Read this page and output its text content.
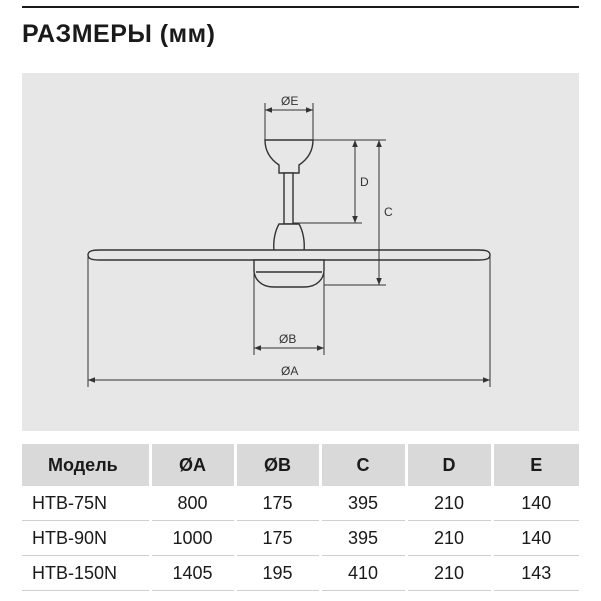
РАЗМЕРЫ (мм)
ØE
D
C
ØB
ØA
Модель	ØA	ØB	C	D	E
НТВ-75N	800	175	395	210	140
НТВ-90N	1000	175	395	210	140
НТВ-150N	1405	195	410	210	143
